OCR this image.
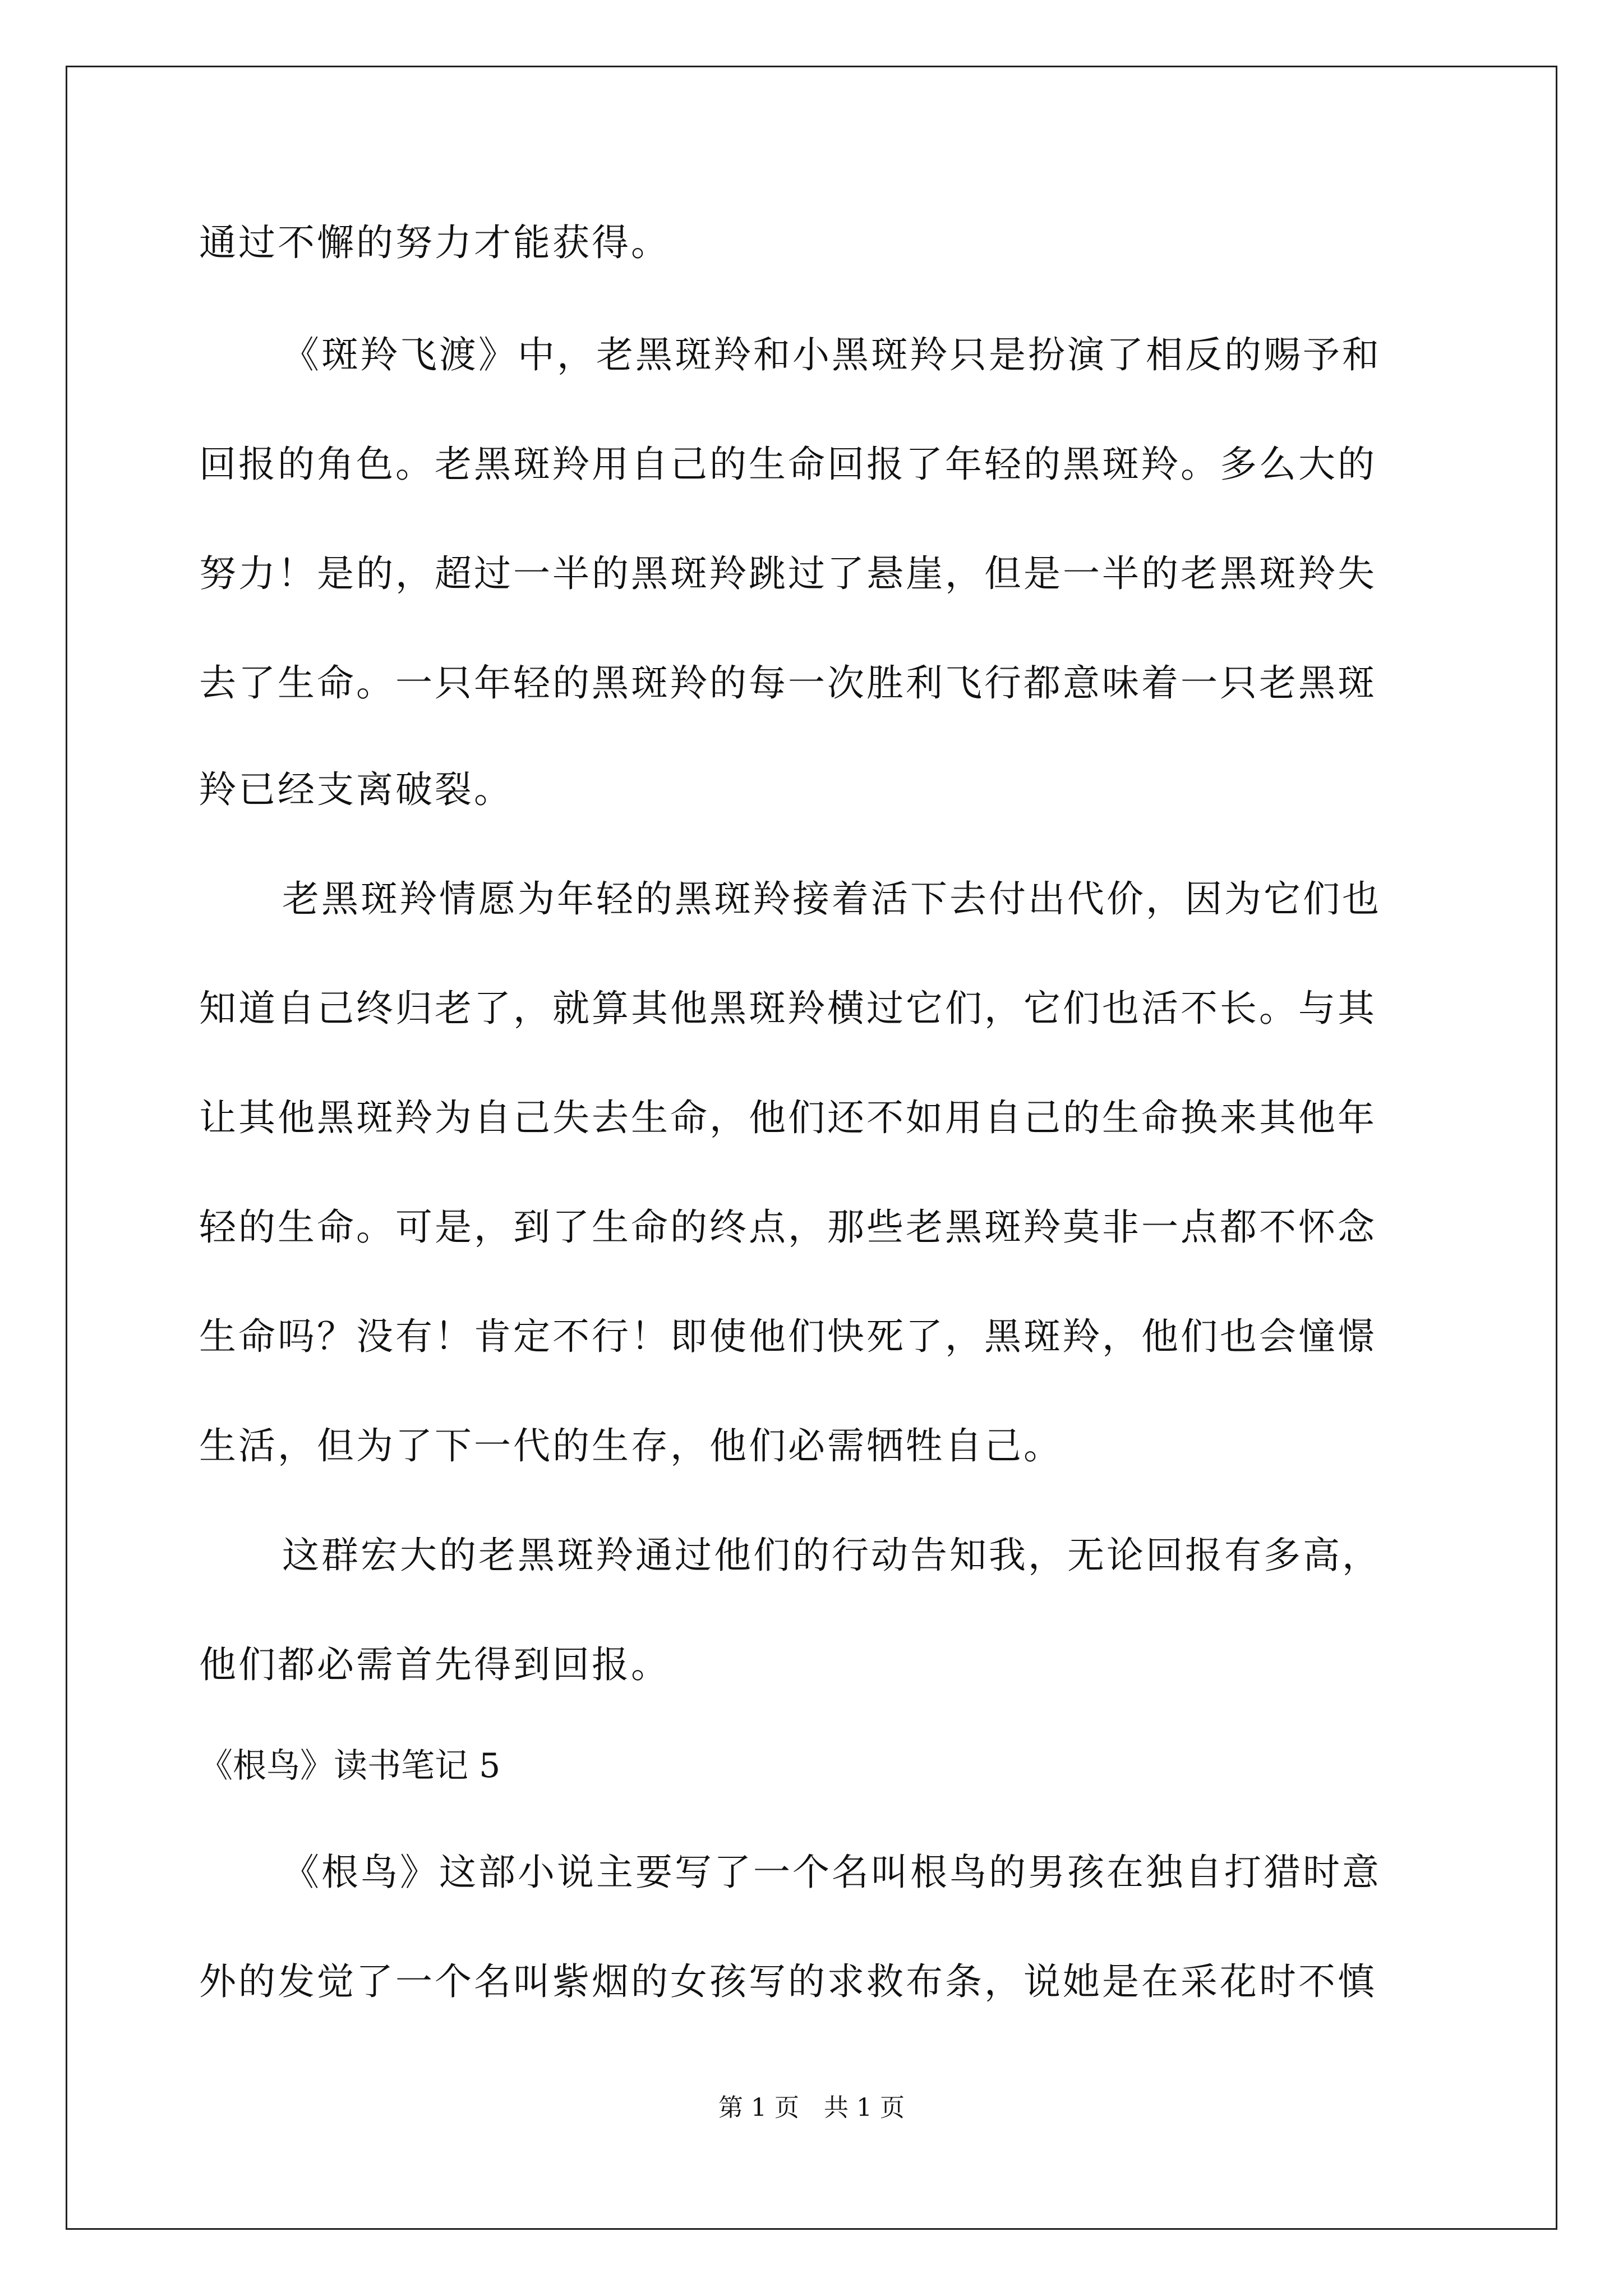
通过不懈的努力才能获得。
《斑羚飞渡》中，老黑斑羚和小黑斑羚只是扮演了相反的赐予和
回报的角色。老黑斑羚用自己的生命回报了年轻的黑斑羚。多么大的
努力！是的，超过一半的黑斑羚跳过了悬崖，但是一半的老黑斑羚失
去了生命。一只年轻的黑斑羚的每一次胜利飞行都意味着一只老黑斑
羚已经支离破裂。
老黑斑羚情愿为年轻的黑斑羚接着活下去付出代价，因为它们也
知道自己终归老了，就算其他黑斑羚横过它们，它们也活不长。与其
让其他黑斑羚为自己失去生命，他们还不如用自己的生命换来其他年
轻的生命。可是，到了生命的终点，那些老黑斑羚莫非一点都不怀念
生命吗？没有！肯定不行！即使他们快死了，黑斑羚，他们也会憧憬
生活，但为了下一代的生存，他们必需牺牲自己。
这群宏大的老黑斑羚通过他们的行动告知我，无论回报有多高，
他们都必需首先得到回报。
《根鸟》读书笔记 5
《根鸟》这部小说主要写了一个名叫根鸟的男孩在独自打猎时意
外的发觉了一个名叫紫烟的女孩写的求救布条，说她是在采花时不慎
第 1 页　共 1 页
